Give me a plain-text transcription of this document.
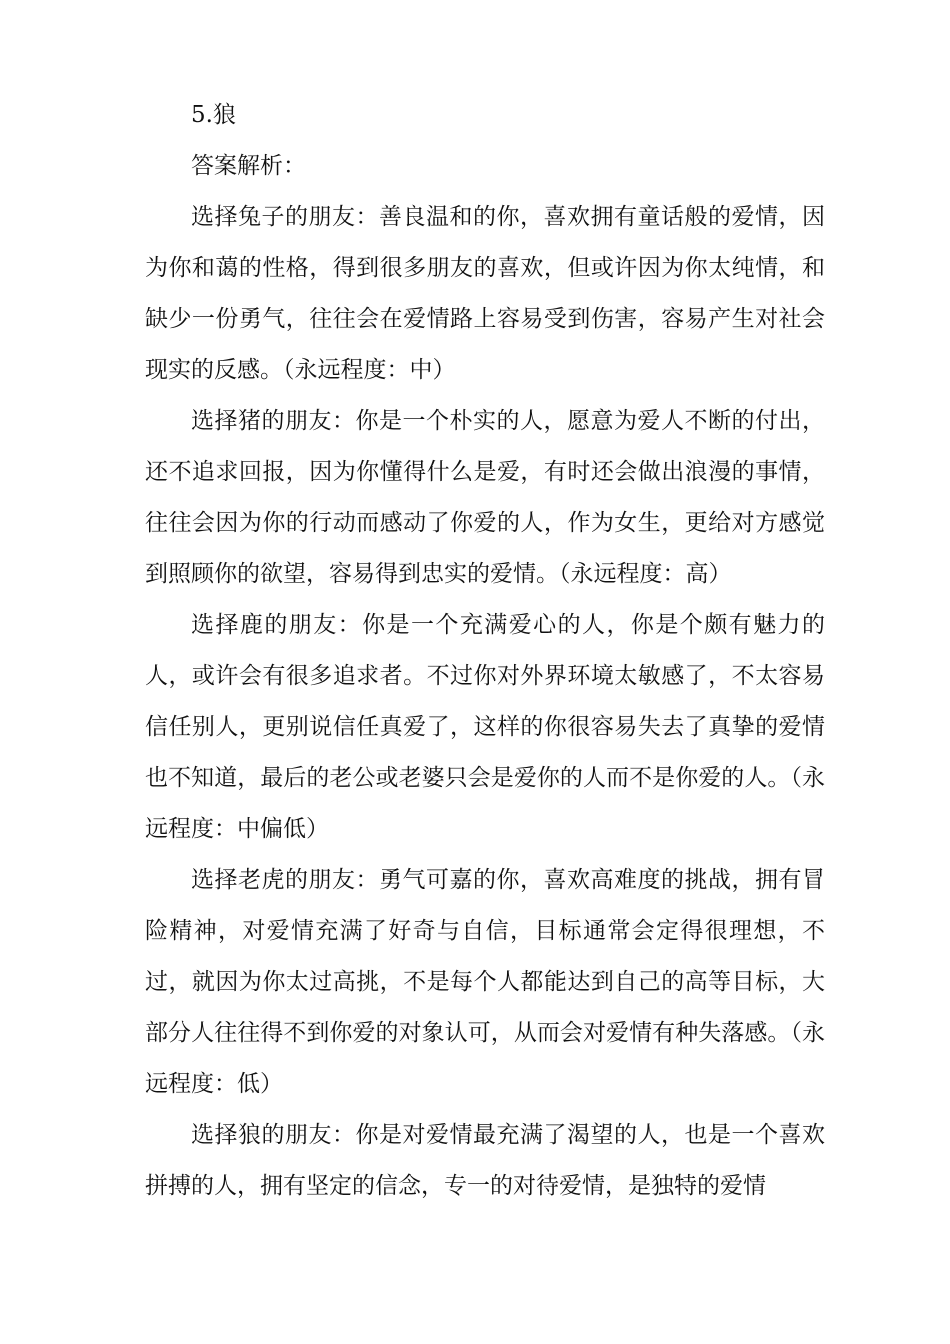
5.狼

答案解析：

选择兔子的朋友：善良温和的你，喜欢拥有童话般的爱情，因为你和蔼的性格，得到很多朋友的喜欢，但或许因为你太纯情，和缺少一份勇气，往往会在爱情路上容易受到伤害，容易产生对社会现实的反感。（永远程度：中）

选择猪的朋友：你是一个朴实的人，愿意为爱人不断的付出，还不追求回报，因为你懂得什么是爱，有时还会做出浪漫的事情，往往会因为你的行动而感动了你爱的人，作为女生，更给对方感觉到照顾你的欲望，容易得到忠实的爱情。（永远程度：高）

选择鹿的朋友：你是一个充满爱心的人，你是个颇有魅力的人，或许会有很多追求者。不过你对外界环境太敏感了，不太容易信任别人，更别说信任真爱了，这样的你很容易失去了真挚的爱情也不知道，最后的老公或老婆只会是爱你的人而不是你爱的人。（永远程度：中偏低）

选择老虎的朋友：勇气可嘉的你，喜欢高难度的挑战，拥有冒险精神，对爱情充满了好奇与自信，目标通常会定得很理想，不过，就因为你太过高挑，不是每个人都能达到自己的高等目标，大部分人往往得不到你爱的对象认可，从而会对爱情有种失落感。（永远程度：低）

选择狼的朋友：你是对爱情最充满了渴望的人，也是一个喜欢拼搏的人，拥有坚定的信念，专一的对待爱情，是独特的爱情
